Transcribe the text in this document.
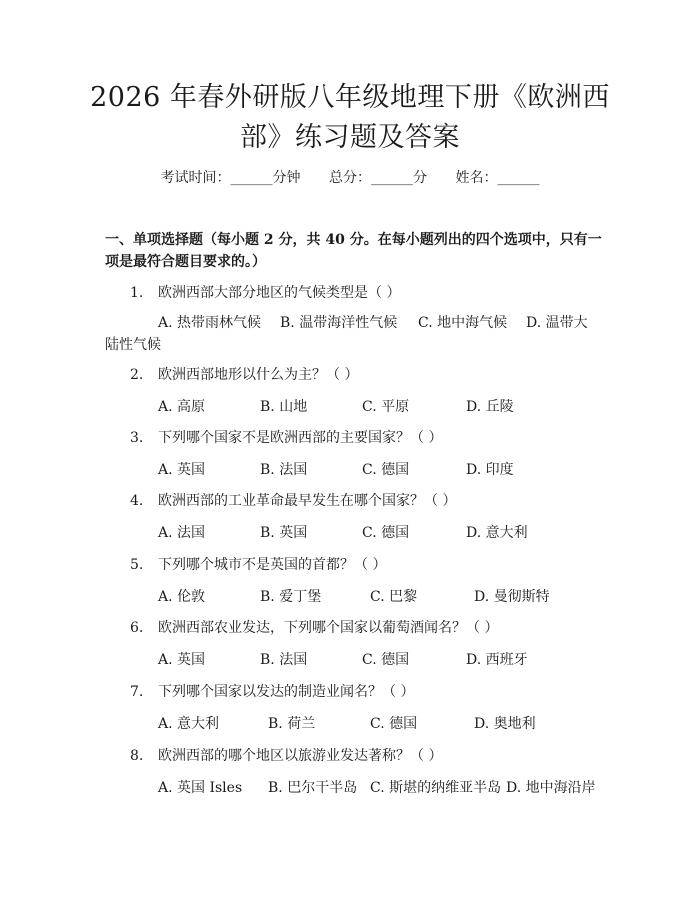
2026 年春外研版八年级地理下册《欧洲西
部》练习题及答案
考试时间：______分钟 总分：______分 姓名：______
一、单项选择题（每小题 2 分，共 40 分。在每小题列出的四个选项中，只有一项是最符合题目要求的。）
1. 欧洲西部大部分地区的气候类型是（ ）
A. 热带雨林气候 B. 温带海洋性气候 C. 地中海气候 D. 温带大
陆性气候
2. 欧洲西部地形以什么为主？（ ）
A. 高原	B. 山地	C. 平原	D. 丘陵
3. 下列哪个国家不是欧洲西部的主要国家？（ ）
A. 英国	B. 法国	C. 德国	D. 印度
4. 欧洲西部的工业革命最早发生在哪个国家？（ ）
A. 法国	B. 英国	C. 德国	D. 意大利
5. 下列哪个城市不是英国的首都？（ ）
A. 伦敦	B. 爱丁堡	C. 巴黎	D. 曼彻斯特
6. 欧洲西部农业发达，下列哪个国家以葡萄酒闻名？（ ）
A. 英国	B. 法国	C. 德国	D. 西班牙
7. 下列哪个国家以发达的制造业闻名？（ ）
A. 意大利	B. 荷兰	C. 德国	D. 奥地利
8. 欧洲西部的哪个地区以旅游业发达著称？（ ）
A. 英国 Isles B. 巴尔干半岛 C. 斯堪的纳维亚半岛 D. 地中海沿岸
